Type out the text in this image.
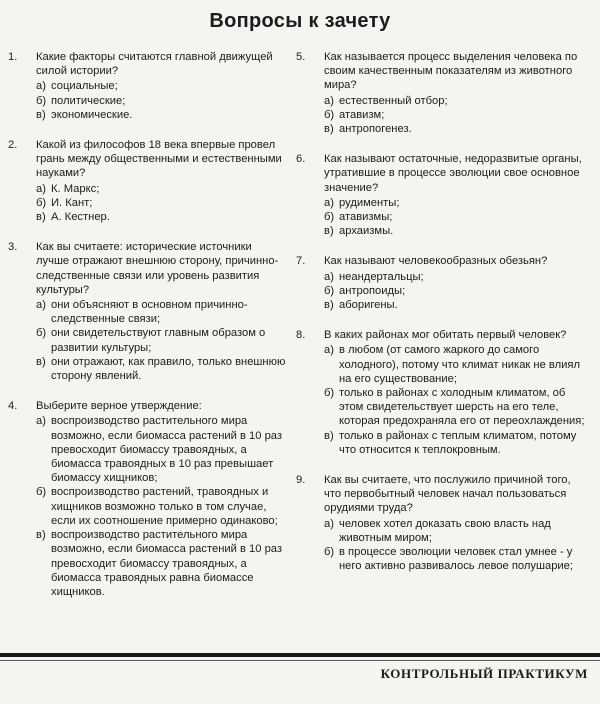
Вопросы к зачету
1. Какие факторы считаются главной движущей силой истории?
а) социальные;
б) политические;
в) экономические.
2. Какой из философов 18 века впервые провел грань между общественными и естественными науками?
а) К. Маркс;
б) И. Кант;
в) А. Кестнер.
3. Как вы считаете: исторические источники лучше отражают внешнюю сторону, причинно-следственные связи или уровень развития культуры?
а) они объясняют в основном причинно-следственные связи;
б) они свидетельствуют главным образом о развитии культуры;
в) они отражают, как правило, только внешнюю сторону явлений.
4. Выберите верное утверждение:
а) воспроизводство растительного мира возможно, если биомасса растений в 10 раз превосходит биомассу травоядных, а биомасса травоядных в 10 раз превышает биомассу хищников;
б) воспроизводство растений, травоядных и хищников возможно только в том случае, если их соотношение примерно одинаково;
в) воспроизводство растительного мира возможно, если биомасса растений в 10 раз превосходит биомассу травоядных, а биомасса травоядных равна биомассе хищников.
5. Как называется процесс выделения человека по своим качественным показателям из животного мира?
а) естественный отбор;
б) атавизм;
в) антропогенез.
6. Как называют остаточные, недоразвитые органы, утратившие в процессе эволюции свое основное значение?
а) рудименты;
б) атавизмы;
в) архаизмы.
7. Как называют человекообразных обезьян?
а) неандертальцы;
б) антропоиды;
в) аборигены.
8. В каких районах мог обитать первый человек?
а) в любом (от самого жаркого до самого холодного), потому что климат никак не влиял на его существование;
б) только в районах с холодным климатом, об этом свидетельствует шерсть на его теле, которая предохраняла его от переохлаждения;
в) только в районах с теплым климатом, потому что относится к теплокровным.
9. Как вы считаете, что послужило причиной того, что первобытный человек начал пользоваться орудиями труда?
а) человек хотел доказать свою власть над животным миром;
б) в процессе эволюции человек стал умнее - у него активно развивалось левое полушарие;
КОНТРОЛЬНЫЙ ПРАКТИКУМ
